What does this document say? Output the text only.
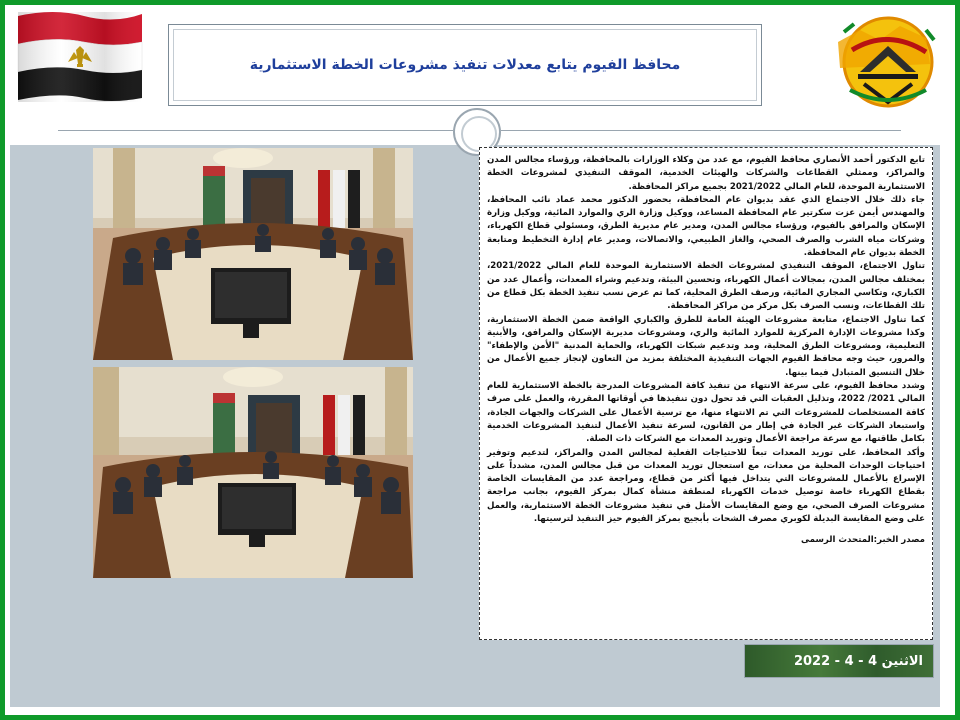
محافظ الفيوم يتابع معدلات تنفيذ مشروعات الخطة الاستثمارية

تابع الدكتور أحمد الأنصاري محافظ الفيوم، مع عدد من وكلاء الوزارات بالمحافظة، ورؤساء مجالس المدن والمراكز، وممثلي القطاعات والشركات والهيئات الخدمية، الموقف التنفيذي لمشروعات الخطة الاستثمارية الموحدة، للعام المالي 2021/2022 بجميع مراكز المحافظة.

جاء ذلك خلال الاجتماع الذي عقد بديوان عام المحافظة، بحضور الدكتور محمد عماد نائب المحافظ، والمهندس أيمن عزت سكرتير عام المحافظة المساعد، ووكيل وزارة الري والموارد المائية، ووكيل وزارة الإسكان والمرافق بالفيوم، ورؤساء مجالس المدن، ومدير عام مديرية الطرق، ومسئولي قطاع الكهرباء، وشركات مياه الشرب والصرف الصحي، والغاز الطبيعي، والاتصالات، ومدير عام إدارة التخطيط ومتابعة الخطة بديوان عام المحافظة.

تناول الاجتماع، الموقف التنفيذي لمشروعات الخطة الاستثمارية الموحدة للعام المالي 2021/2022، بمختلف مجالس المدن، بمجالات أعمال الكهرباء، وتحسين البيئة، وتدعيم وشراء المعدات، وأعمال عدد من الكباري، وتكاسي المجاري المائية، ورصف الطرق المحلية، كما تم عرض نسب تنفيذ الخطة بكل قطاع من تلك القطاعات، ونسب الصرف بكل مركز من مراكز المحافظة.

كما تناول الاجتماع، متابعة مشروعات الهيئة العامة للطرق والكباري الواقعة ضمن الخطة الاستثمارية، وكذا مشروعات الإدارة المركزية للموارد المائية والري، ومشروعات مديرية الإسكان والمرافق، والأبنية التعليمية، ومشروعات الطرق المحلية، ومد وتدعيم شبكات الكهرباء، والحماية المدنية "الأمن والإطفاء" والمرور، حيث وجه محافظ الفيوم الجهات التنفيذية المختلفة بمزيد من التعاون لإنجاز جميع الأعمال من خلال التنسيق المتبادل فيما بينها.

وشدد محافظ الفيوم، على سرعة الانتهاء من تنفيذ كافة المشروعات المدرجة بالخطة الاستثمارية للعام المالي 2021/ 2022، وتذليل العقبات التي قد تحول دون تنفيذها في أوقاتها المقررة، والعمل على صرف كافة المستخلصات للمشروعات التي تم الانتهاء منها، مع ترسية الأعمال على الشركات والجهات الجادة، واستبعاد الشركات غير الجادة في إطار من القانون، لسرعة تنفيذ الأعمال لتنفيذ المشروعات الخدمية بكامل طاقتها، مع سرعة مراجعة الأعمال وتوريد المعدات مع الشركات ذات الصلة.

وأكد المحافظ، على توريد المعدات تبعاً للاحتياجات الفعلية لمجالس المدن والمراكز، لتدعيم وتوفير احتياجات الوحدات المحلية من معدات، مع استعجال توريد المعدات من قبل مجالس المدن، مشدداً على الإسراع بالأعمال للمشروعات التي يتداخل فيها أكثر من قطاع، ومراجعة عدد من المقايسات الخاصة بقطاع الكهرباء خاصة توصيل خدمات الكهرباء لمنطقة منشأة كمال بمركز الفيوم، بجانب مراجعة مشروعات الصرف الصحي، مع وضع المقايسات الأمثل في تنفيذ مشروعات الخطة الاستثمارية، والعمل على وضع المقايسة البديلة لكوبري مصرف الشحات بأبجيج بمركز الفيوم حيز التنفيذ لترسيتها.

مصدر الخبر:المتحدث الرسمى

الاثنين 4 - 4 - 2022
